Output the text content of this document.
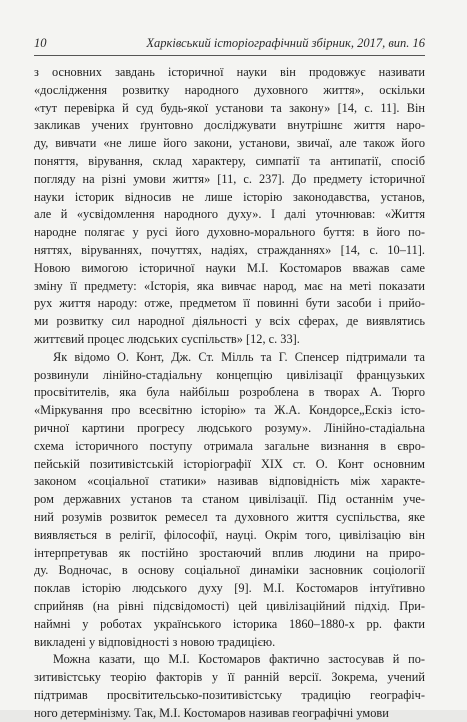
10	Харківський історіографічний збірник, 2017, вип. 16

з основних завдань історичної науки він продовжує називати
«дослідження розвитку народного духовного життя», оскільки
«тут перевірка й суд будь-якої установи та закону» [14, с. 11]. Він
закликав учених ґрунтовно досліджувати внутрішнє життя наро-
ду, вивчати «не лише його закони, установи, звичаї, але також його
поняття, вірування, склад характеру, симпатії та антипатії, спосіб
погляду на різні умови життя» [11, с. 237]. До предмету історичної
науки історик відносив не лише історію законодавства, установ,
але й «усвідомлення народного духу». І далі уточнював: «Життя
народне полягає у русі його духовно-морального буття: в його по-
няттях, віруваннях, почуттях, надіях, стражданнях» [14, с. 10–11].
Новою вимогою історичної науки М.І. Костомаров вважав саме
зміну її предмету: «Історія, яка вивчає народ, має на меті показати
рух життя народу: отже, предметом її повинні бути засоби і прийо-
ми розвитку сил народної діяльності у всіх сферах, де виявлятись
життєвий процес людських суспільств» [12, с. 33].

Як відомо О. Конт, Дж. Ст. Мілль та Г. Спенсер підтримали та
розвинули лінійно-стадіальну концепцію цивілізації французьких
просвітителів, яка була найбільш розроблена в творах А. Тюрго
«Міркування про всесвітню історію» та Ж.А. Кондорсе„Ескіз істо-
ричної картини прогресу людського розуму». Лінійно-стадіальна
схема історичного поступу отримала загальне визнання в євро-
пейській позитивістській історіографії XIX ст. О. Конт основним
законом «соціальної статики» називав відповідність між характе-
ром державних установ та станом цивілізації. Під останнім уче-
ний розумів розвиток ремесел та духовного життя суспільства, яке
виявляється в релігії, філософії, науці. Окрім того, цивілізацію він
інтерпретував як постійно зростаючий вплив людини на приро-
ду. Водночас, в основу соціальної динаміки засновник соціології
поклав історію людського духу [9]. М.І. Костомаров інтуїтивно
сприйняв (на рівні підсвідомості) цей цивілізаційний підхід. При-
наймні у роботах українського історика 1860–1880-х рр. факти
викладені у відповідності з новою традицією.

Можна казати, що М.І. Костомаров фактично застосував й по-
зитивістську теорію факторів у її ранній версії. Зокрема, учений
підтримав просвітительсько-позитивістську традицію географіч-
ного детермінізму. Так, М.І. Костомаров називав географічні умови
